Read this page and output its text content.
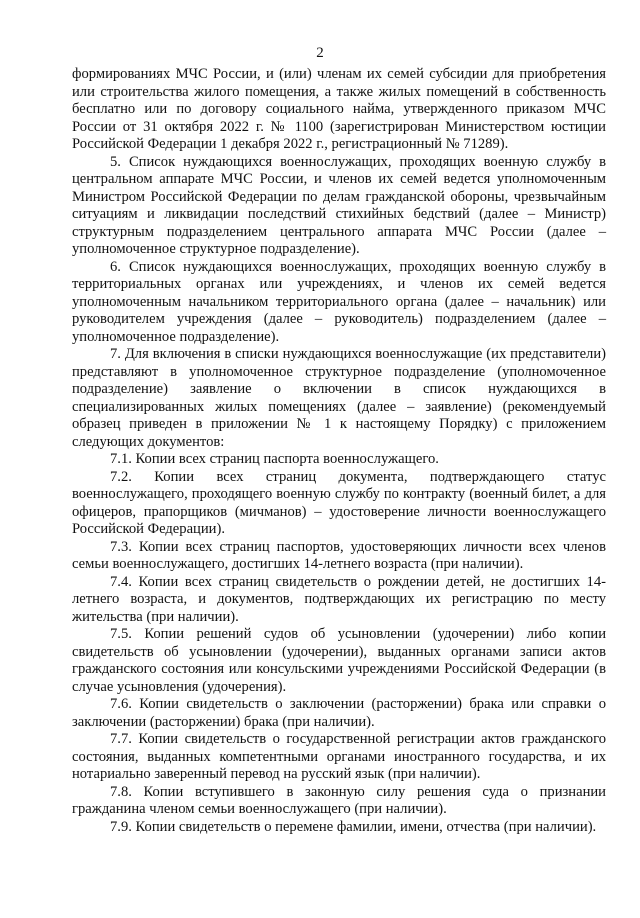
2

формированиях МЧС России, и (или) членам их семей субсидии для приобретения или строительства жилого помещения, а также жилых помещений в собственность бесплатно или по договору социального найма, утвержденного приказом МЧС России от 31 октября 2022 г. № 1100 (зарегистрирован Министерством юстиции Российской Федерации 1 декабря 2022 г., регистрационный № 71289).

5. Список нуждающихся военнослужащих, проходящих военную службу в центральном аппарате МЧС России, и членов их семей ведется уполномоченным Министром Российской Федерации по делам гражданской обороны, чрезвычайным ситуациям и ликвидации последствий стихийных бедствий (далее – Министр) структурным подразделением центрального аппарата МЧС России (далее – уполномоченное структурное подразделение).

6. Список нуждающихся военнослужащих, проходящих военную службу в территориальных органах или учреждениях, и членов их семей ведется уполномоченным начальником территориального органа (далее – начальник) или руководителем учреждения (далее – руководитель) подразделением (далее – уполномоченное подразделение).

7. Для включения в списки нуждающихся военнослужащие (их представители) представляют в уполномоченное структурное подразделение (уполномоченное подразделение) заявление о включении в список нуждающихся в специализированных жилых помещениях (далее – заявление) (рекомендуемый образец приведен в приложении № 1 к настоящему Порядку) с приложением следующих документов:

7.1. Копии всех страниц паспорта военнослужащего.

7.2. Копии всех страниц документа, подтверждающего статус военнослужащего, проходящего военную службу по контракту (военный билет, а для офицеров, прапорщиков (мичманов) – удостоверение личности военнослужащего Российской Федерации).

7.3. Копии всех страниц паспортов, удостоверяющих личности всех членов семьи военнослужащего, достигших 14-летнего возраста (при наличии).

7.4. Копии всех страниц свидетельств о рождении детей, не достигших 14-летнего возраста, и документов, подтверждающих их регистрацию по месту жительства (при наличии).

7.5. Копии решений судов об усыновлении (удочерении) либо копии свидетельств об усыновлении (удочерении), выданных органами записи актов гражданского состояния или консульскими учреждениями Российской Федерации (в случае усыновления (удочерения).

7.6. Копии свидетельств о заключении (расторжении) брака или справки о заключении (расторжении) брака (при наличии).

7.7. Копии свидетельств о государственной регистрации актов гражданского состояния, выданных компетентными органами иностранного государства, и их нотариально заверенный перевод на русский язык (при наличии).

7.8. Копии вступившего в законную силу решения суда о признании гражданина членом семьи военнослужащего (при наличии).

7.9. Копии свидетельств о перемене фамилии, имени, отчества (при наличии).
